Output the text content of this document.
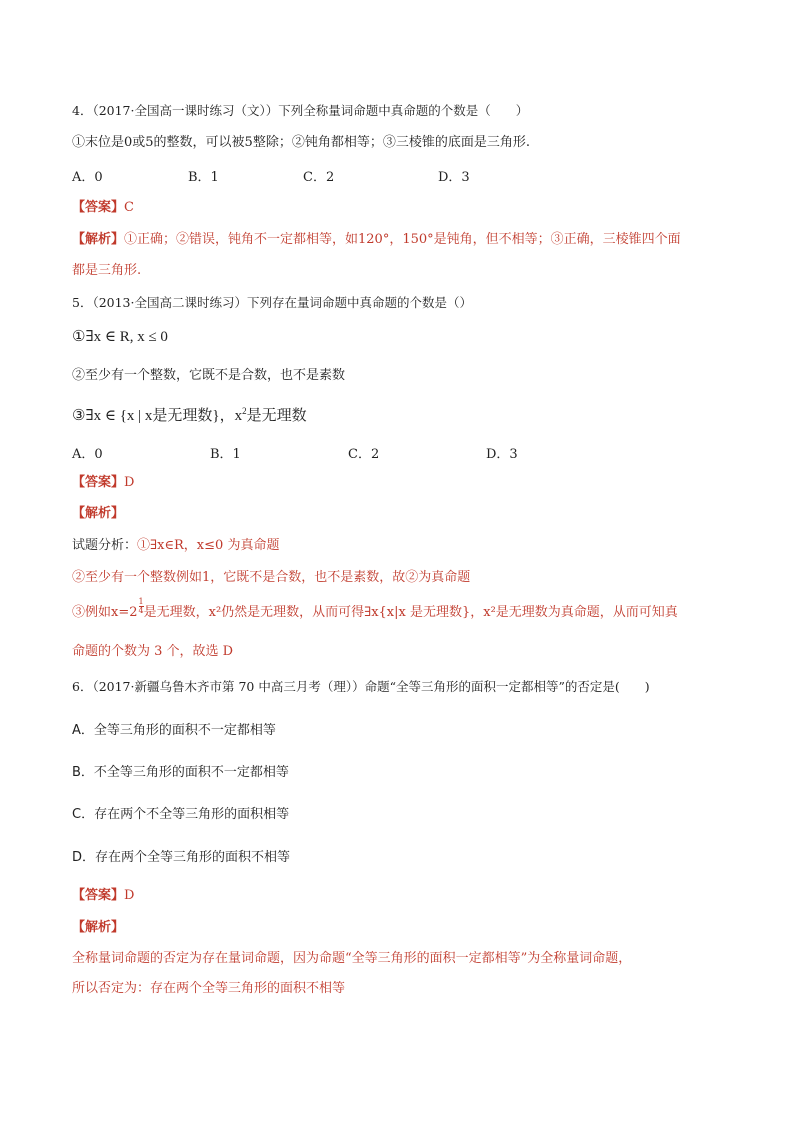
4．（2017·全国高一课时练习（文））下列全称量词命题中真命题的个数是（　　）
①末位是0或5的整数，可以被5整除；②钝角都相等；③三棱锥的底面是三角形.
A．0	B．1	C．2	D．3
【答案】C
【解析】①正确；②错误，钝角不一定都相等，如120°，150°是钝角，但不相等；③正确，三棱锥四个面
都是三角形.
5．（2013·全国高二课时练习）下列存在量词命题中真命题的个数是（）
①∃x ∈ R, x ≤ 0
②至少有一个整数，它既不是合数，也不是素数
③∃x ∈ {x | x是无理数}，$x^2$是无理数
A．0	B．1	C．2	D．3
【答案】D
【解析】
试题分析：①∃x∈R，x≤0 为真命题
②至少有一个整数例如1，它既不是合数，也不是素数，故②为真命题
③例如$x=2 \frac{1}{4}$ 是无理数，x²仍然是无理数，从而可得∃x{x|x 是无理数}，x²是无理数为真命题，从而可知真
命题的个数为 3 个，故选 D
6．（2017·新疆乌鲁木齐市第 70 中高三月考（理））命题“全等三角形的面积一定都相等”的否定是(　　)
A．全等三角形的面积不一定都相等
B．不全等三角形的面积不一定都相等
C．存在两个不全等三角形的面积相等
D．存在两个全等三角形的面积不相等
【答案】D
【解析】
全称量词命题的否定为存在量词命题，因为命题“全等三角形的面积一定都相等”为全称量词命题，
所以否定为：存在两个全等三角形的面积不相等
